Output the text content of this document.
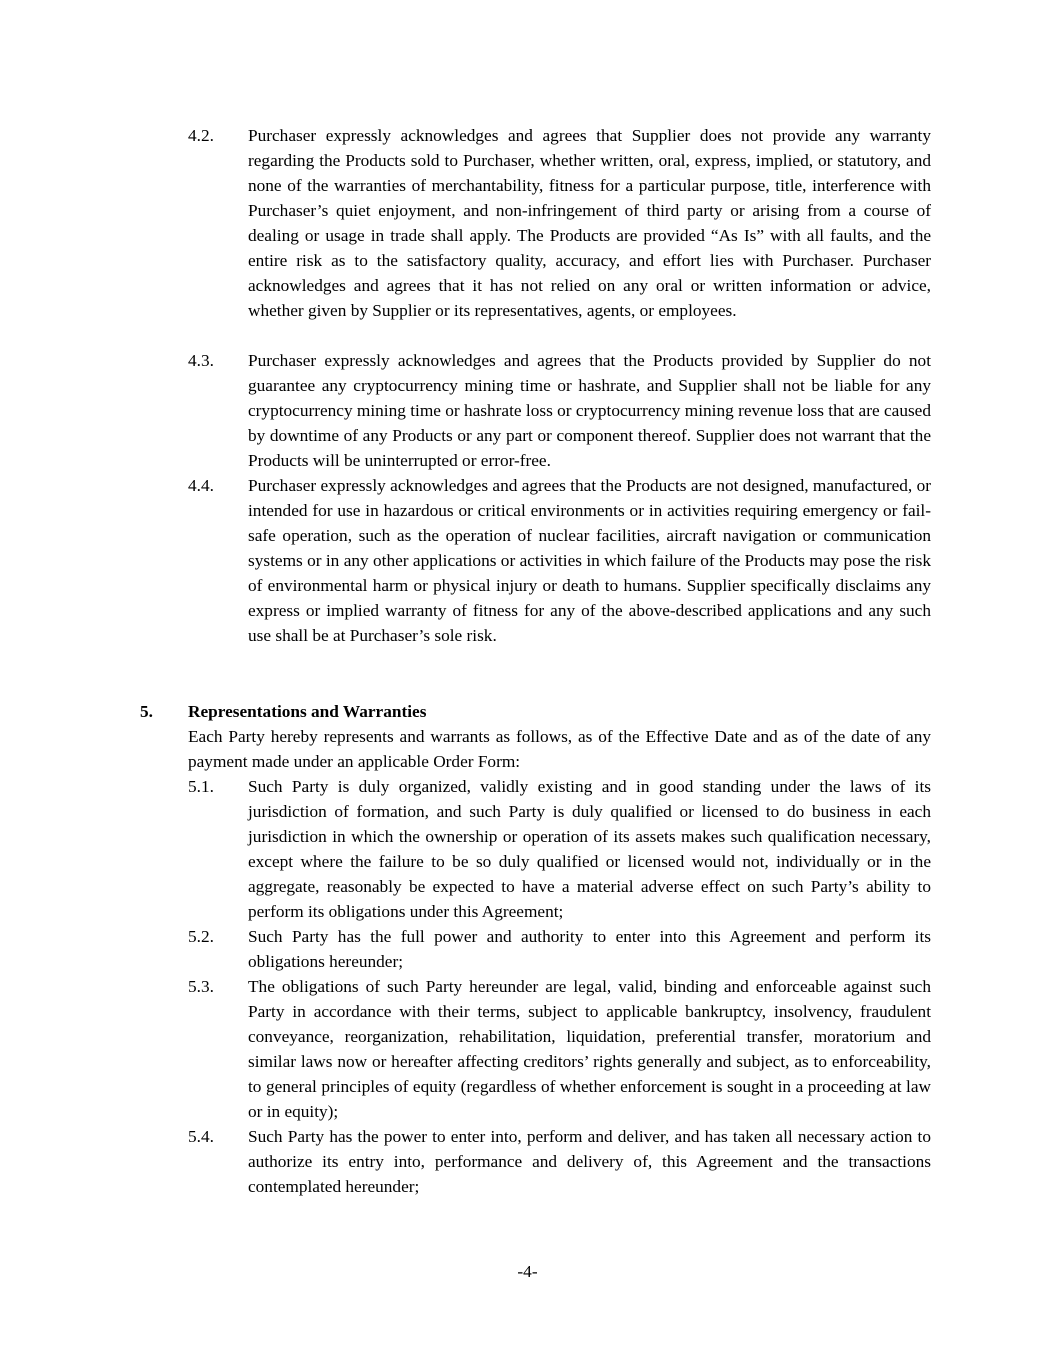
4.2.	Purchaser expressly acknowledges and agrees that Supplier does not provide any warranty regarding the Products sold to Purchaser, whether written, oral, express, implied, or statutory, and none of the warranties of merchantability, fitness for a particular purpose, title, interference with Purchaser’s quiet enjoyment, and non-infringement of third party or arising from a course of dealing or usage in trade shall apply. The Products are provided “As Is” with all faults, and the entire risk as to the satisfactory quality, accuracy, and effort lies with Purchaser. Purchaser acknowledges and agrees that it has not relied on any oral or written information or advice, whether given by Supplier or its representatives, agents, or employees.
4.3.	Purchaser expressly acknowledges and agrees that the Products provided by Supplier do not guarantee any cryptocurrency mining time or hashrate, and Supplier shall not be liable for any cryptocurrency mining time or hashrate loss or cryptocurrency mining revenue loss that are caused by downtime of any Products or any part or component thereof. Supplier does not warrant that the Products will be uninterrupted or error-free.
4.4.	Purchaser expressly acknowledges and agrees that the Products are not designed, manufactured, or intended for use in hazardous or critical environments or in activities requiring emergency or fail-safe operation, such as the operation of nuclear facilities, aircraft navigation or communication systems or in any other applications or activities in which failure of the Products may pose the risk of environmental harm or physical injury or death to humans. Supplier specifically disclaims any express or implied warranty of fitness for any of the above-described applications and any such use shall be at Purchaser’s sole risk.
5. Representations and Warranties
Each Party hereby represents and warrants as follows, as of the Effective Date and as of the date of any payment made under an applicable Order Form:
5.1.	Such Party is duly organized, validly existing and in good standing under the laws of its jurisdiction of formation, and such Party is duly qualified or licensed to do business in each jurisdiction in which the ownership or operation of its assets makes such qualification necessary, except where the failure to be so duly qualified or licensed would not, individually or in the aggregate, reasonably be expected to have a material adverse effect on such Party’s ability to perform its obligations under this Agreement;
5.2.	Such Party has the full power and authority to enter into this Agreement and perform its obligations hereunder;
5.3.	The obligations of such Party hereunder are legal, valid, binding and enforceable against such Party in accordance with their terms, subject to applicable bankruptcy, insolvency, fraudulent conveyance, reorganization, rehabilitation, liquidation, preferential transfer, moratorium and similar laws now or hereafter affecting creditors’ rights generally and subject, as to enforceability, to general principles of equity (regardless of whether enforcement is sought in a proceeding at law or in equity);
5.4.	Such Party has the power to enter into, perform and deliver, and has taken all necessary action to authorize its entry into, performance and delivery of, this Agreement and the transactions contemplated hereunder;
-4-
